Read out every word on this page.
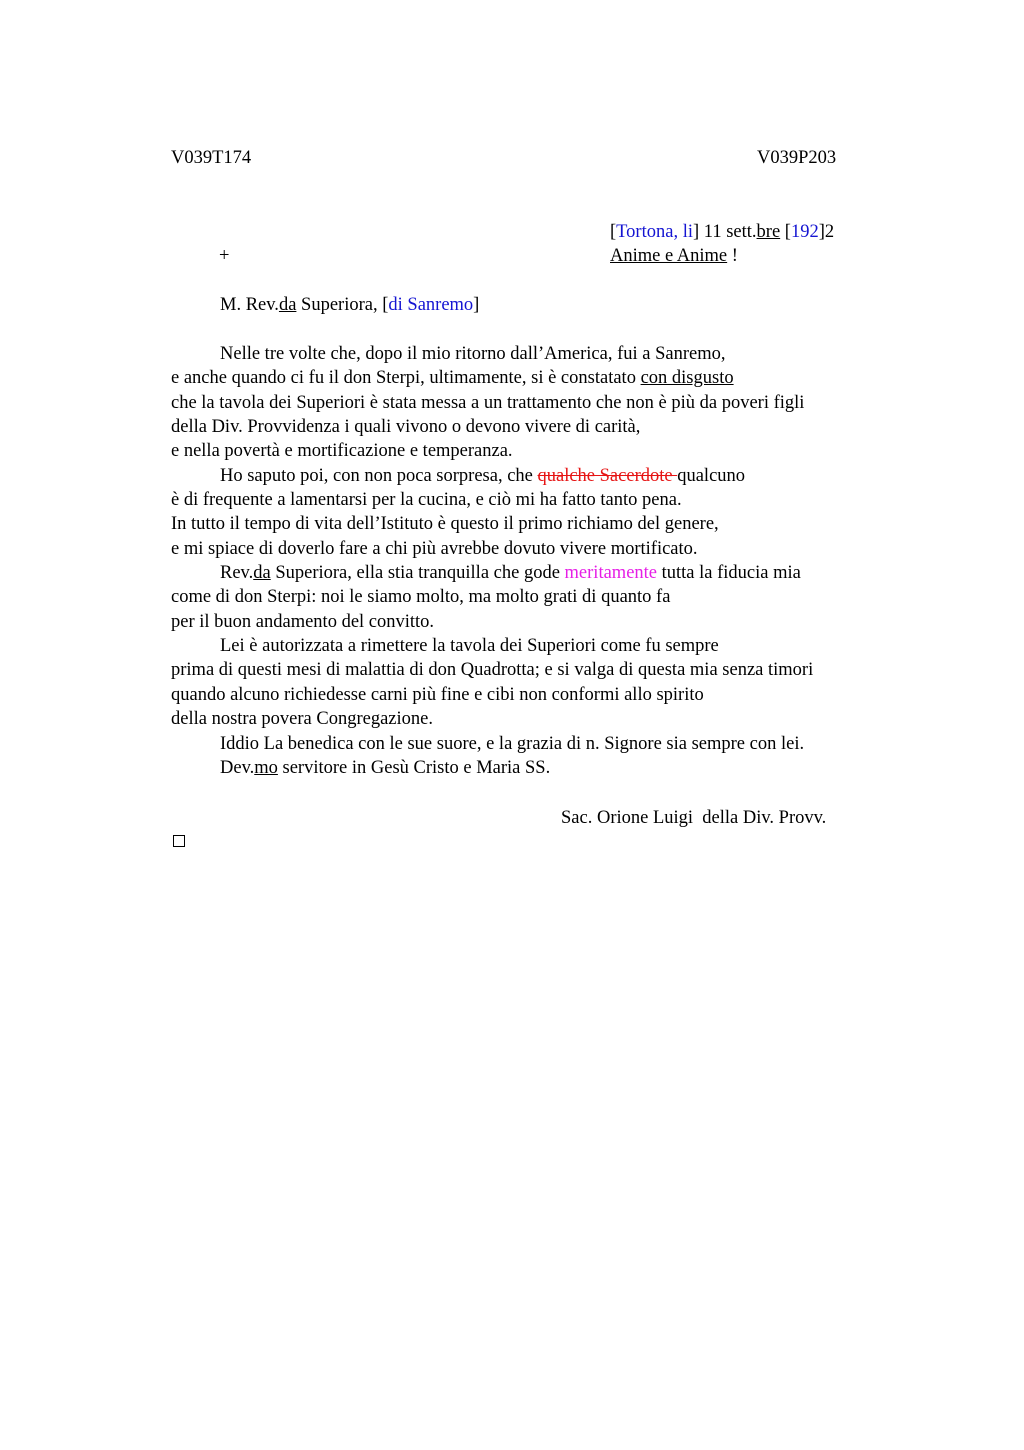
V039T174	V039P203
[Tortona, li] 11 sett.bre [192]2
+	Anime e Anime !
M. Rev.da Superiora, [di Sanremo]
Nelle tre volte che, dopo il mio ritorno dall’America, fui a Sanremo,
e anche quando ci fu il don Sterpi, ultimamente, si è constatato con disgusto
che la tavola dei Superiori è stata messa a un trattamento che non è più da poveri figli
della Div. Provvidenza i quali vivono o devono vivere di carità,
e nella povertà e mortificazione e temperanza.
Ho saputo poi, con non poca sorpresa, che qualche Sacerdote qualcuno
è di frequente a lamentarsi per la cucina, e ciò mi ha fatto tanto pena.
In tutto il tempo di vita dell’Istituto è questo il primo richiamo del genere,
e mi spiace di doverlo fare a chi più avrebbe dovuto vivere mortificato.
Rev.da Superiora, ella stia tranquilla che gode meritamente tutta la fiducia mia
come di don Sterpi: noi le siamo molto, ma molto grati di quanto fa
per il buon andamento del convitto.
Lei è autorizzata a rimettere la tavola dei Superiori come fu sempre
prima di questi mesi di malattia di don Quadrotta; e si valga di questa mia senza timori
quando alcuno richiedesse carni più fine e cibi non conformi allo spirito
della nostra povera Congregazione.
Iddio La benedica con le sue suore, e la grazia di n. Signore sia sempre con lei.
Dev.mo servitore in Gesù Cristo e Maria SS.
Sac. Orione Luigi  della Div. Provv.
